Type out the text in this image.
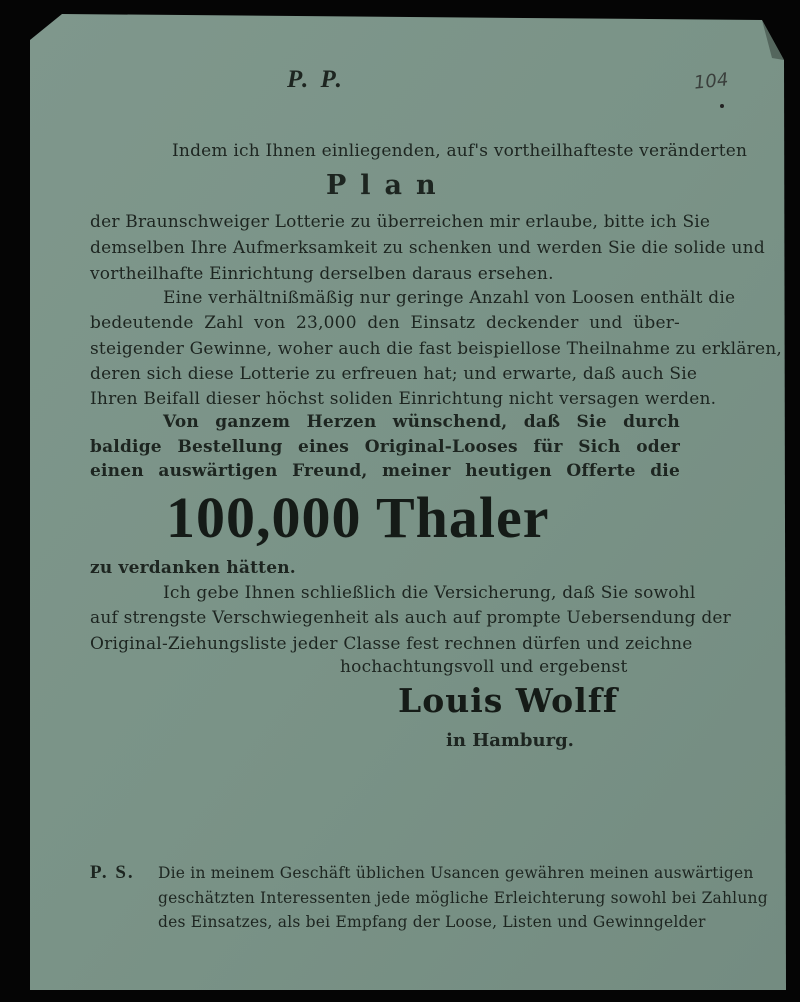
P. P.	104
Indem ich Ihnen einliegenden, auf's vortheilhafteste veränderten
Plan
der Braunschweiger Lotterie zu überreichen mir erlaube, bitte ich Sie
demselben Ihre Aufmerksamkeit zu schenken und werden Sie die solide und
vortheilhafte Einrichtung derselben daraus ersehen.
Eine verhältnißmäßig nur geringe Anzahl von Loosen enthält die
bedeutende Zahl von 23,000 den Einsatz deckender und über-
steigender Gewinne, woher auch die fast beispiellose Theilnahme zu erklären,
deren sich diese Lotterie zu erfreuen hat; und erwarte, daß auch Sie
Ihren Beifall dieser höchst soliden Einrichtung nicht versagen werden.
Von ganzem Herzen wünschend, daß Sie durch
baldige Bestellung eines Original-Looses für Sich oder
einen auswärtigen Freund, meiner heutigen Offerte die
100,000 Thaler
zu verdanken hätten.
Ich gebe Ihnen schließlich die Versicherung, daß Sie sowohl
auf strengste Verschwiegenheit als auch auf prompte Uebersendung der
Original-Ziehungsliste jeder Classe fest rechnen dürfen und zeichne
hochachtungsvoll und ergebenst
Louis Wolff
in Hamburg.
P. S. Die in meinem Geschäft üblichen Usancen gewähren meinen auswärtigen
geschätzten Interessenten jede mögliche Erleichterung sowohl bei Zahlung
des Einsatzes, als bei Empfang der Loose, Listen und Gewinngelder
